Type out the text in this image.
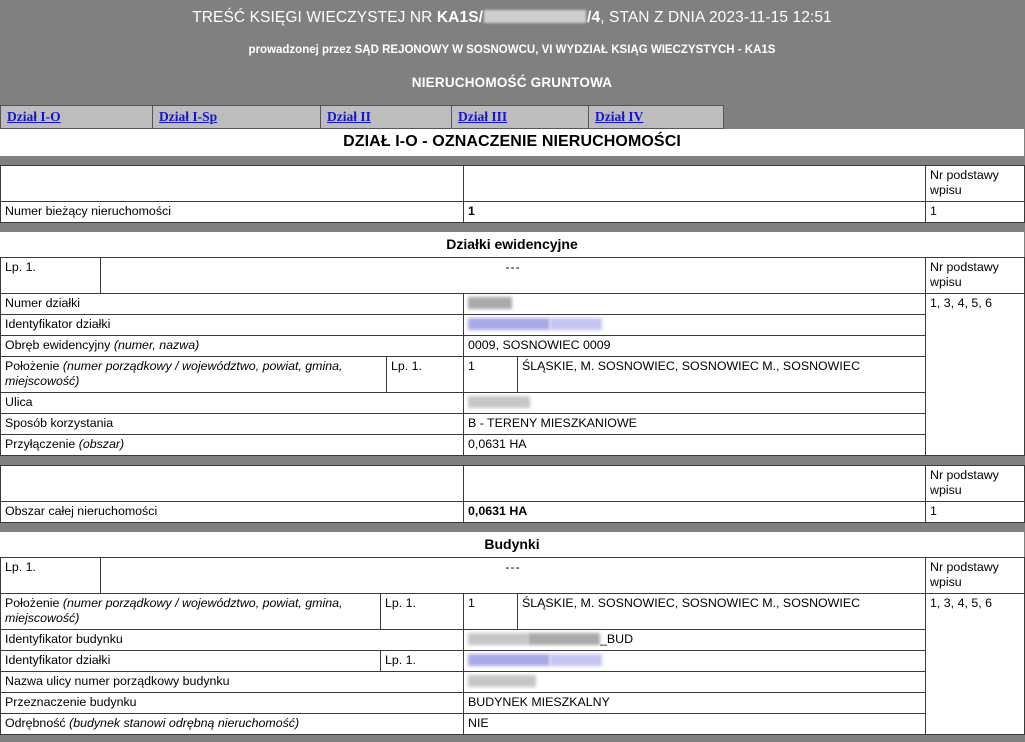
TREŚĆ KSIĘGI WIECZYSTEJ NR KA1S/	/4, STAN Z DNIA 2023-11-15 12:51
prowadzonej przez SĄD REJONOWY W SOSNOWCU, VI WYDZIAŁ KSIĄG WIECZYSTYCH - KA1S
NIERUCHOMOŚĆ GRUNTOWA
Dział I-O	Dział I-Sp	Dział II	Dział III	Dział IV
DZIAŁ I-O - OZNACZENIE NIERUCHOMOŚCI
		Nr podstawy
wpisu
Numer bieżący nieruchomości	1	1
Działki ewidencyjne
Lp. 1.	---				Nr podstawy
wpisu
Numer działki					1, 3, 4, 5, 6
Identyfikator działki					
Obręb ewidencyjny (numer, nazwa)			0009, SOSNOWIEC 0009		
Położenie (numer porządkowy / województwo, powiat, gmina, miejscowość)		Lp. 1.	1	ŚLĄSKIE, M. SOSNOWIEC, SOSNOWIEC M., SOSNOWIEC	
Ulica					
Sposób korzystania			B - TERENY MIESZKANIOWE		
Przyłączenie (obszar)			0,0631 HA		
		Nr podstawy
wpisu
Obszar całej nieruchomości	0,0631 HA	1
Budynki
Lp. 1.	---				Nr podstawy
wpisu
Położenie (numer porządkowy / województwo, powiat, gmina, miejscowość)		Lp. 1.	1	ŚLĄSKIE, M. SOSNOWIEC, SOSNOWIEC M., SOSNOWIEC	1, 3, 4, 5, 6
Identyfikator budynku			_BUD		
Identyfikator działki		Lp. 1.			
Nazwa ulicy numer porządkowy budynku					
Przeznaczenie budynku			BUDYNEK MIESZKALNY		
Odrębność (budynek stanowi odrębną nieruchomość)			NIE		
